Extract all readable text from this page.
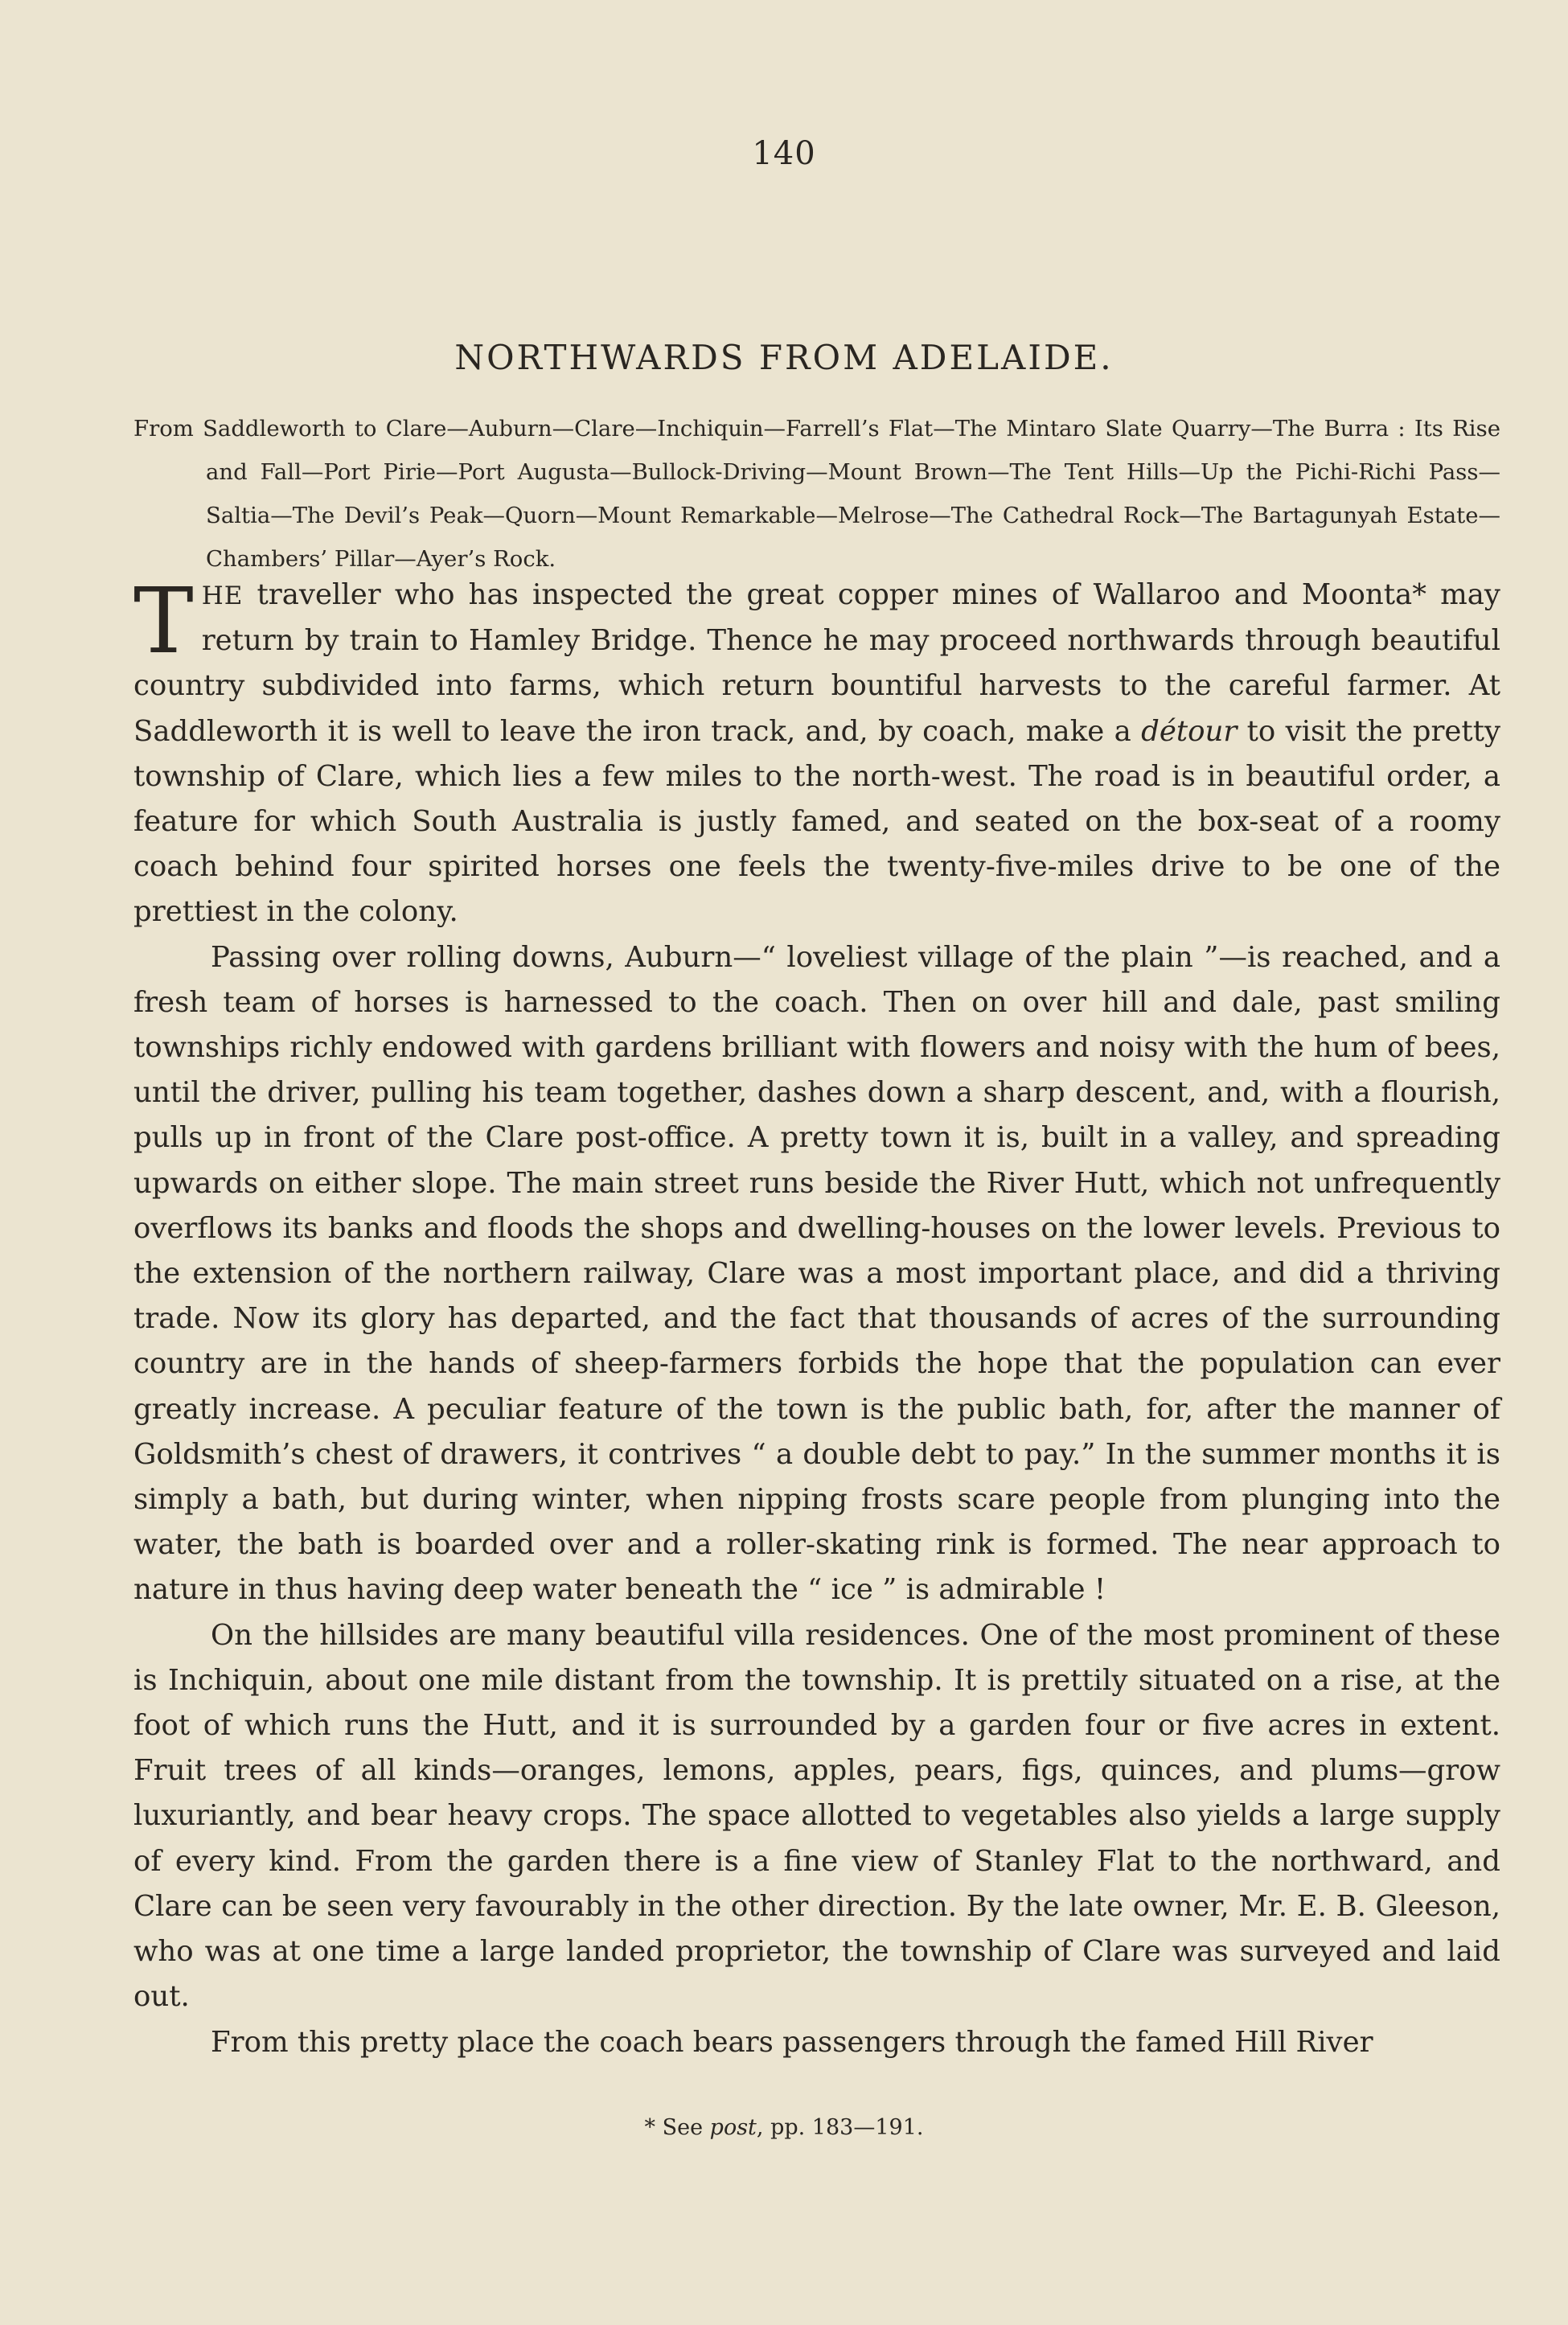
140
NORTHWARDS FROM ADELAIDE.
From Saddleworth to Clare—Auburn—Clare—Inchiquin—Farrell’s Flat—The Mintaro Slate Quarry—The Burra : Its Rise and Fall—Port Pirie—Port Augusta—Bullock-Driving—Mount Brown—The Tent Hills—Up the Pichi-Richi Pass—Saltia—The Devil’s Peak—Quorn—Mount Remarkable—Melrose—The Cathedral Rock—The Bartagunyah Estate—Chambers’ Pillar—Ayer’s Rock.

THE traveller who has inspected the great copper mines of Wallaroo and Moonta* may return by train to Hamley Bridge. Thence he may proceed northwards through beautiful country subdivided into farms, which return bountiful harvests to the careful farmer. At Saddleworth it is well to leave the iron track, and, by coach, make a détour to visit the pretty township of Clare, which lies a few miles to the north-west. The road is in beautiful order, a feature for which South Australia is justly famed, and seated on the box-seat of a roomy coach behind four spirited horses one feels the twenty-five-miles drive to be one of the prettiest in the colony.

Passing over rolling downs, Auburn—“ loveliest village of the plain ”—is reached, and a fresh team of horses is harnessed to the coach. Then on over hill and dale, past smiling townships richly endowed with gardens brilliant with flowers and noisy with the hum of bees, until the driver, pulling his team together, dashes down a sharp descent, and, with a flourish, pulls up in front of the Clare post-office. A pretty town it is, built in a valley, and spreading upwards on either slope. The main street runs beside the River Hutt, which not unfrequently overflows its banks and floods the shops and dwelling-houses on the lower levels. Previous to the extension of the northern railway, Clare was a most important place, and did a thriving trade. Now its glory has departed, and the fact that thousands of acres of the surrounding country are in the hands of sheep-farmers forbids the hope that the population can ever greatly increase. A peculiar feature of the town is the public bath, for, after the manner of Goldsmith’s chest of drawers, it contrives “ a double debt to pay.” In the summer months it is simply a bath, but during winter, when nipping frosts scare people from plunging into the water, the bath is boarded over and a roller-skating rink is formed. The near approach to nature in thus having deep water beneath the “ ice ” is admirable !

On the hillsides are many beautiful villa residences. One of the most prominent of these is Inchiquin, about one mile distant from the township. It is prettily situated on a rise, at the foot of which runs the Hutt, and it is surrounded by a garden four or five acres in extent. Fruit trees of all kinds—oranges, lemons, apples, pears, figs, quinces, and plums—grow luxuriantly, and bear heavy crops. The space allotted to vegetables also yields a large supply of every kind. From the garden there is a fine view of Stanley Flat to the northward, and Clare can be seen very favourably in the other direction. By the late owner, Mr. E. B. Gleeson, who was at one time a large landed proprietor, the township of Clare was surveyed and laid out.

From this pretty place the coach bears passengers through the famed Hill River

* See post, pp. 183—191.
